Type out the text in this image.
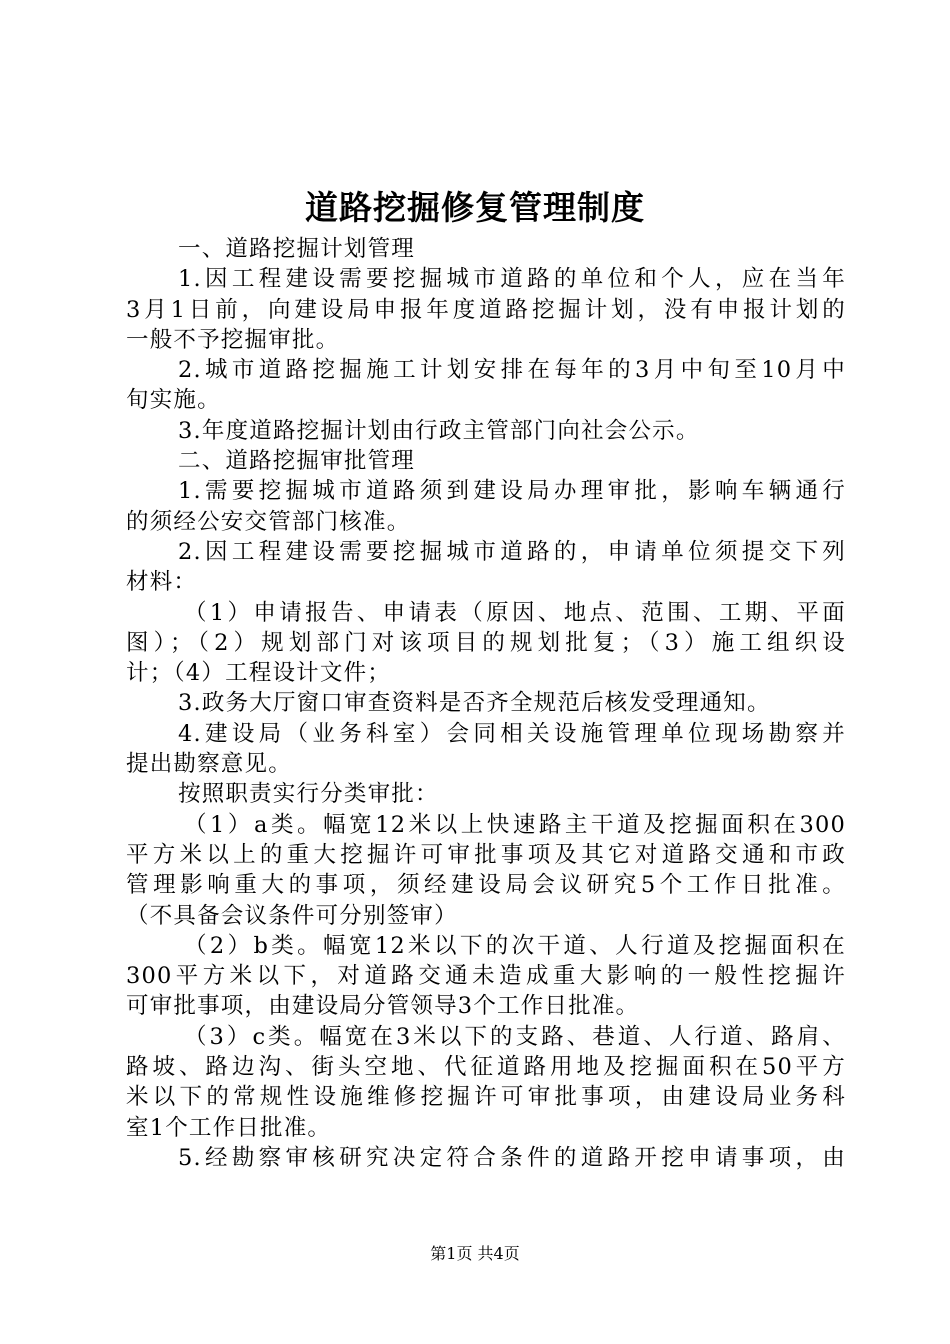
道路挖掘修复管理制度
一、道路挖掘计划管理
1.因工程建设需要挖掘城市道路的单位和个人，应在当年
3月1日前，向建设局申报年度道路挖掘计划，没有申报计划的
一般不予挖掘审批。
2.城市道路挖掘施工计划安排在每年的3月中旬至10月中
旬实施。
3.年度道路挖掘计划由行政主管部门向社会公示。
二、道路挖掘审批管理
1.需要挖掘城市道路须到建设局办理审批，影响车辆通行
的须经公安交管部门核准。
2.因工程建设需要挖掘城市道路的，申请单位须提交下列
材料：
（1）申请报告、申请表（原因、地点、范围、工期、平面
图）；（2）规划部门对该项目的规划批复；（3）施工组织设
计；（4）工程设计文件；
3.政务大厅窗口审查资料是否齐全规范后核发受理通知。
4.建设局（业务科室）会同相关设施管理单位现场勘察并
提出勘察意见。
按照职责实行分类审批：
（1）a类。幅宽12米以上快速路主干道及挖掘面积在300
平方米以上的重大挖掘许可审批事项及其它对道路交通和市政
管理影响重大的事项，须经建设局会议研究5个工作日批准。
（不具备会议条件可分别签审）
（2）b类。幅宽12米以下的次干道、人行道及挖掘面积在
300平方米以下，对道路交通未造成重大影响的一般性挖掘许
可审批事项，由建设局分管领导3个工作日批准。
（3）c类。幅宽在3米以下的支路、巷道、人行道、路肩、
路坡、路边沟、街头空地、代征道路用地及挖掘面积在50平方
米以下的常规性设施维修挖掘许可审批事项，由建设局业务科
室1个工作日批准。
5.经勘察审核研究决定符合条件的道路开挖申请事项，由
第1页 共4页
